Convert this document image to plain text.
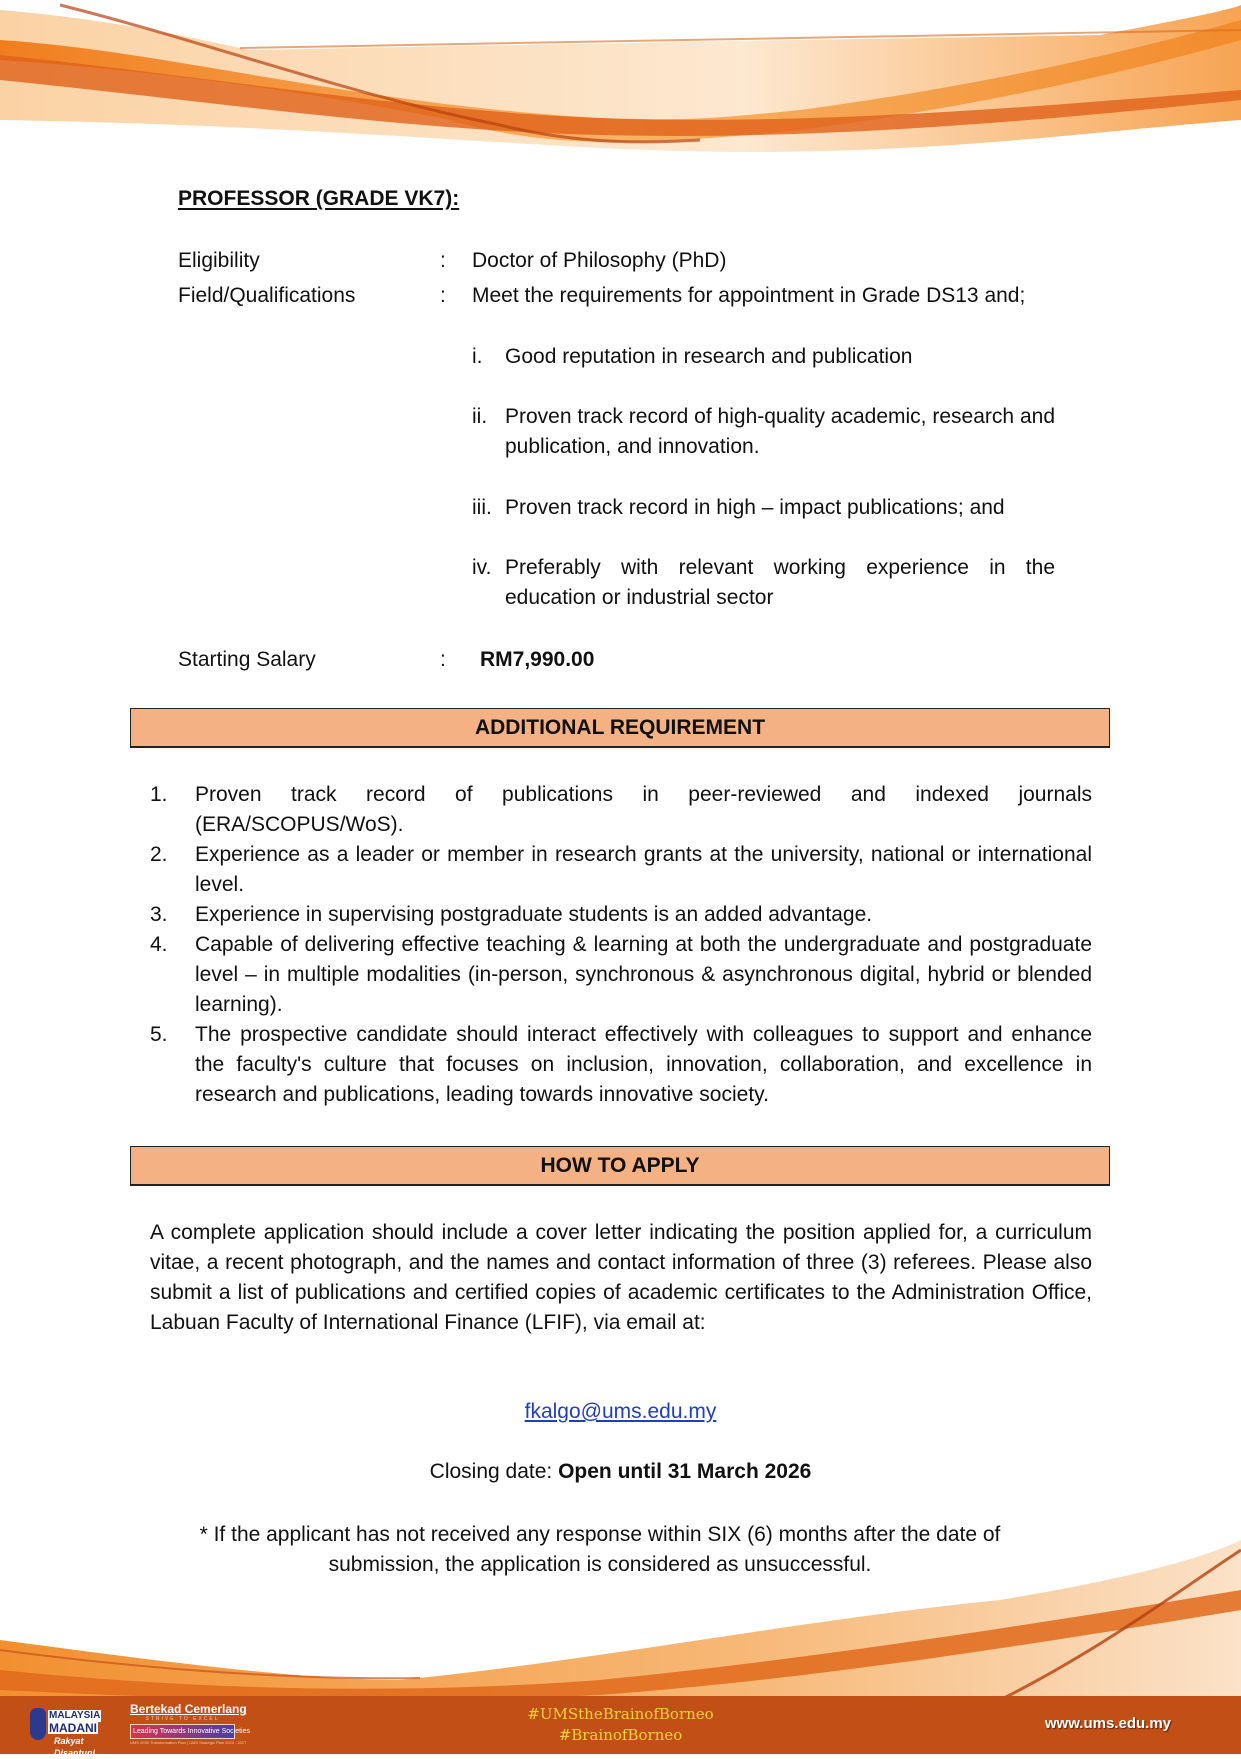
PROFESSOR (GRADE VK7):
Eligibility	: Doctor of Philosophy (PhD)
Field/Qualifications	: Meet the requirements for appointment in Grade DS13 and;
i. Good reputation in research and publication
ii. Proven track record of high-quality academic, research and publication, and innovation.
iii. Proven track record in high – impact publications; and
iv. Preferably with relevant working experience in the education or industrial sector
Starting Salary	: RM7,990.00
ADDITIONAL REQUIREMENT
1. Proven track record of publications in peer-reviewed and indexed journals (ERA/SCOPUS/WoS).
2. Experience as a leader or member in research grants at the university, national or international level.
3. Experience in supervising postgraduate students is an added advantage.
4. Capable of delivering effective teaching & learning at both the undergraduate and postgraduate level – in multiple modalities (in-person, synchronous & asynchronous digital, hybrid or blended learning).
5. The prospective candidate should interact effectively with colleagues to support and enhance the faculty's culture that focuses on inclusion, innovation, collaboration, and excellence in research and publications, leading towards innovative society.
HOW TO APPLY
A complete application should include a cover letter indicating the position applied for, a curriculum vitae, a recent photograph, and the names and contact information of three (3) referees. Please also submit a list of publications and certified copies of academic certificates to the Administration Office, Labuan Faculty of International Finance (LFIF), via email at:
fkalgo@ums.edu.my
Closing date: Open until 31 March 2026
* If the applicant has not received any response within SIX (6) months after the date of submission, the application is considered as unsuccessful.
MALAYSIA
MADANI
Rakyat Disantuni
Bertekad Cemerlang
STRIVE TO EXCEL
Leading Towards Innovative Societies
UMS 2030 Transformation Plan | UMS Strategic Plan 2023 - 2027
#UMStheBrainofBorneo
#BrainofBorneo
www.ums.edu.my
